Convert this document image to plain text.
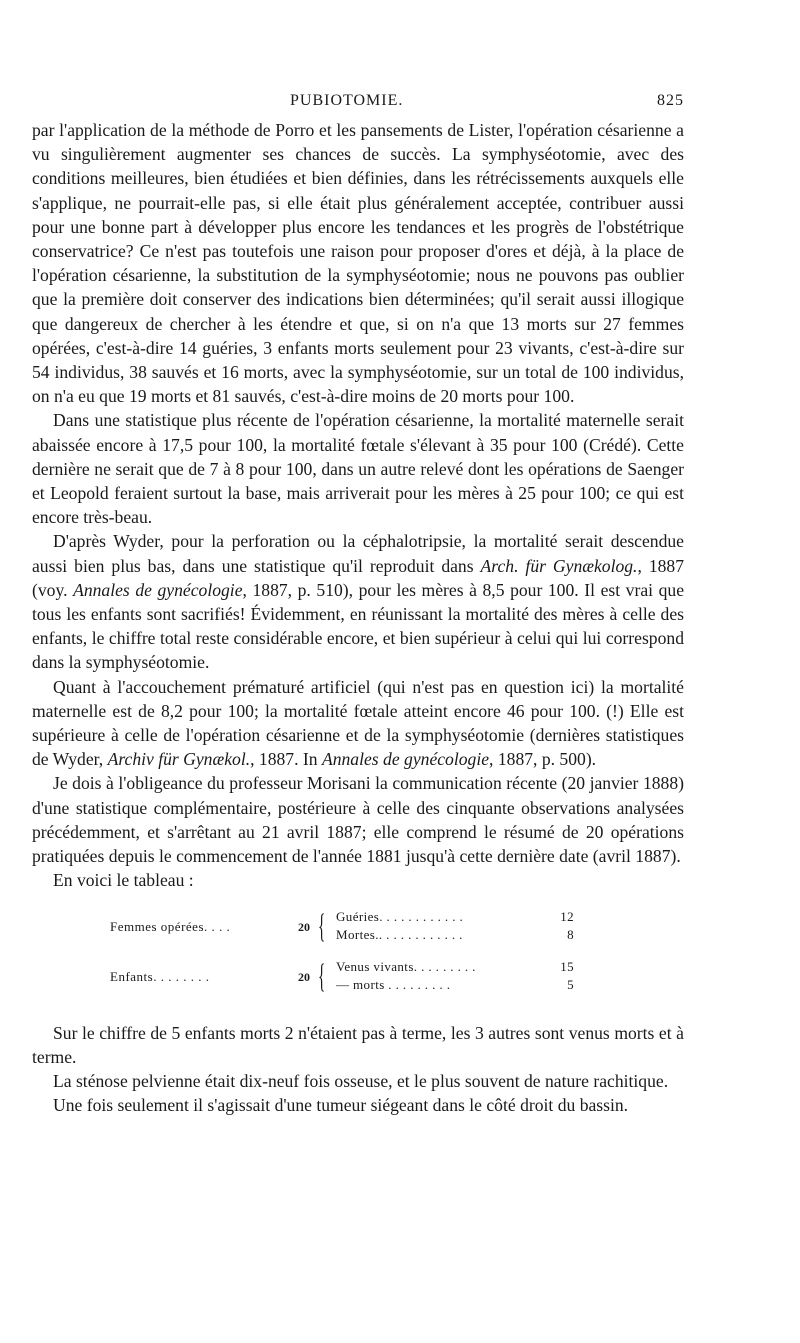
PUBIOTOMIE.	825

par l'application de la méthode de Porro et les pansements de Lister, l'opération césarienne a vu singulièrement augmenter ses chances de succès. La symphyséotomie, avec des conditions meilleures, bien étudiées et bien définies, dans les rétrécissements auxquels elle s'applique, ne pourrait-elle pas, si elle était plus généralement acceptée, contribuer aussi pour une bonne part à développer plus encore les tendances et les progrès de l'obstétrique conservatrice? Ce n'est pas toutefois une raison pour proposer d'ores et déjà, à la place de l'opération césarienne, la substitution de la symphyséotomie; nous ne pouvons pas oublier que la première doit conserver des indications bien déterminées; qu'il serait aussi illogique que dangereux de chercher à les étendre et que, si on n'a que 13 morts sur 27 femmes opérées, c'est-à-dire 14 guéries, 3 enfants morts seulement pour 23 vivants, c'est-à-dire sur 54 individus, 38 sauvés et 16 morts, avec la symphyséotomie, sur un total de 100 individus, on n'a eu que 19 morts et 81 sauvés, c'est-à-dire moins de 20 morts pour 100.

Dans une statistique plus récente de l'opération césarienne, la mortalité maternelle serait abaissée encore à 17,5 pour 100, la mortalité fœtale s'élevant à 35 pour 100 (Crédé). Cette dernière ne serait que de 7 à 8 pour 100, dans un autre relevé dont les opérations de Saenger et Leopold feraient surtout la base, mais arriverait pour les mères à 25 pour 100; ce qui est encore très-beau.

D'après Wyder, pour la perforation ou la céphalotripsie, la mortalité serait descendue aussi bien plus bas, dans une statistique qu'il reproduit dans Arch. für Gynækolog., 1887 (voy. Annales de gynécologie, 1887, p. 510), pour les mères à 8,5 pour 100. Il est vrai que tous les enfants sont sacrifiés! Évidemment, en réunissant la mortalité des mères à celle des enfants, le chiffre total reste considérable encore, et bien supérieur à celui qui lui correspond dans la symphyséotomie.

Quant à l'accouchement prématuré artificiel (qui n'est pas en question ici) la mortalité maternelle est de 8,2 pour 100; la mortalité fœtale atteint encore 46 pour 100. (!) Elle est supérieure à celle de l'opération césarienne et de la symphyséotomie (dernières statistiques de Wyder, Archiv für Gynækol., 1887. In Annales de gynécologie, 1887, p. 500).

Je dois à l'obligeance du professeur Morisani la communication récente (20 janvier 1888) d'une statistique complémentaire, postérieure à celle des cinquante observations analysées précédemment, et s'arrêtant au 21 avril 1887; elle comprend le résumé de 20 opérations pratiquées depuis le commencement de l'année 1881 jusqu'à cette dernière date (avril 1887).

En voici le tableau :

Femmes opérées. . . .	20 { Guéries. . . . . . . . . . . .	12
Mortes.. . . . . . . . . . . .	8
Enfants. . . . . . . .	20 { Venus vivants. . . . . . . . .	15
— morts . . . . . . . . .	5

Sur le chiffre de 5 enfants morts 2 n'étaient pas à terme, les 3 autres sont venus morts et à terme.

La sténose pelvienne était dix-neuf fois osseuse, et le plus souvent de nature rachitique.

Une fois seulement il s'agissait d'une tumeur siégeant dans le côté droit du bassin.
